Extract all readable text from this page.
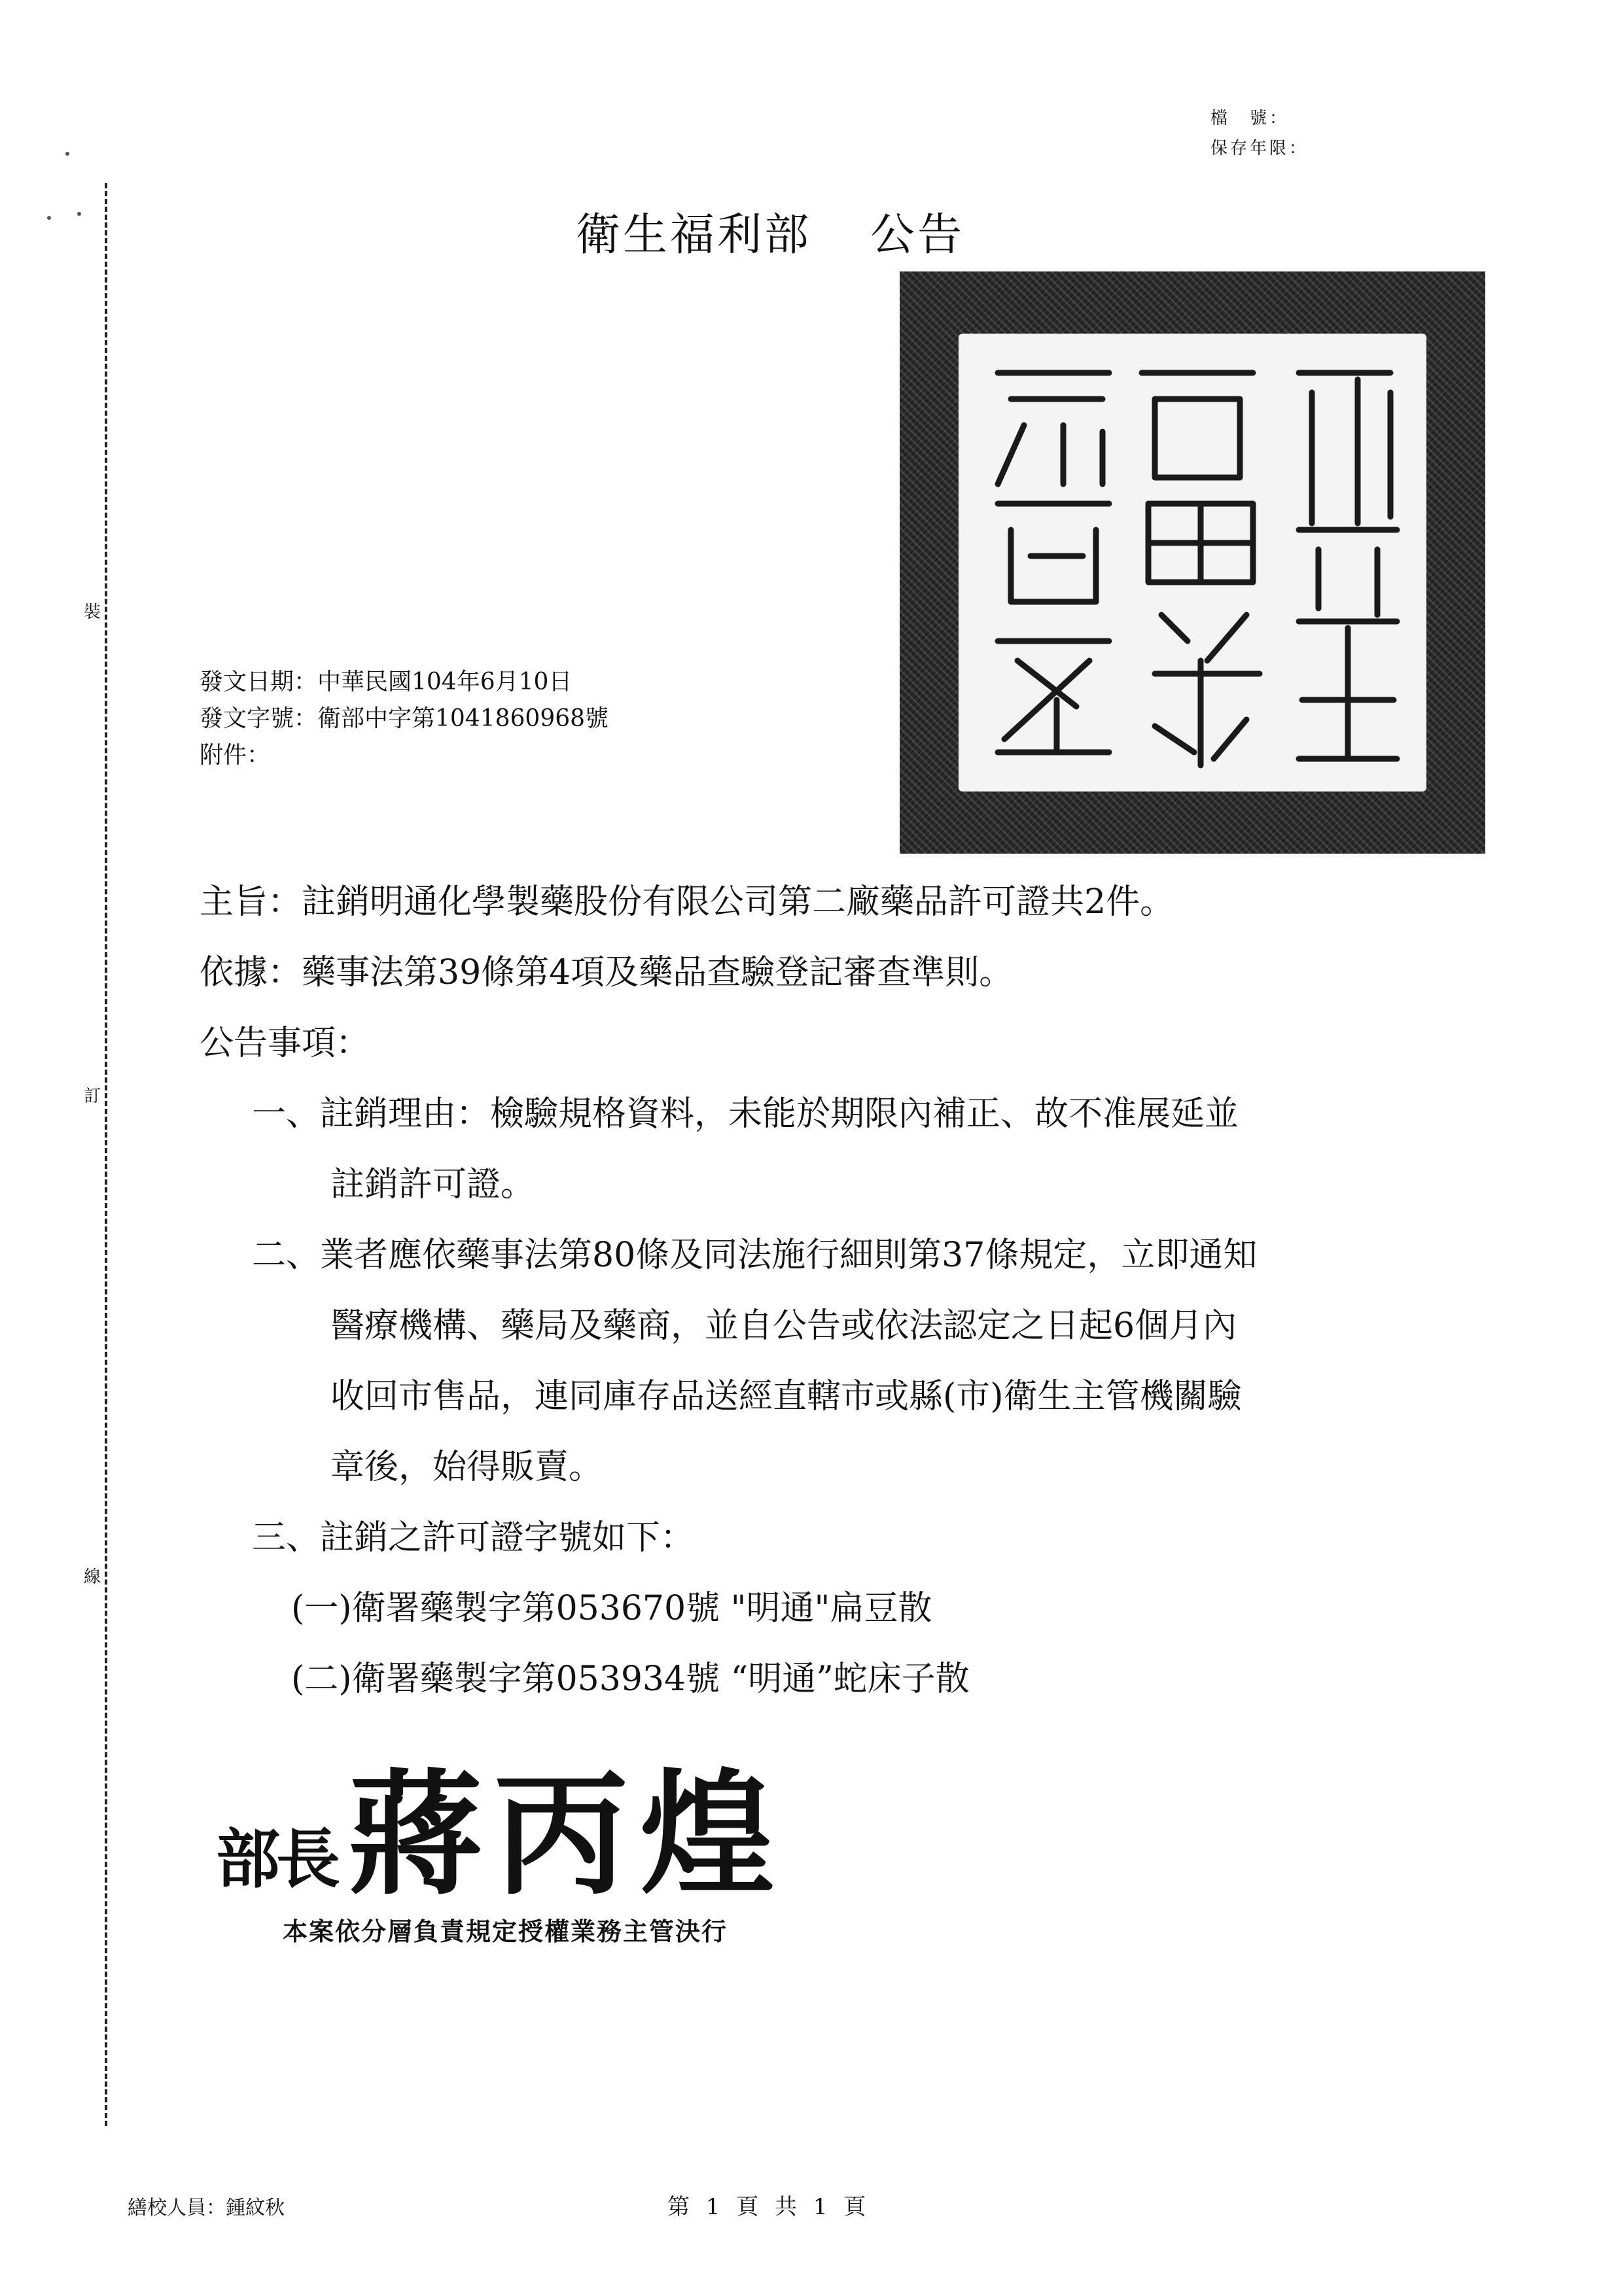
檔　號：
保存年限：
裝
訂
線
衛生福利部 公告
發文日期：中華民國104年6月10日
發文字號：衛部中字第1041860968號
附件：
主旨：註銷明通化學製藥股份有限公司第二廠藥品許可證共2件。
依據：藥事法第39條第4項及藥品查驗登記審查準則。
公告事項：
一、註銷理由：檢驗規格資料，未能於期限內補正、故不准展延並
註銷許可證。
二、業者應依藥事法第80條及同法施行細則第37條規定，立即通知
醫療機構、藥局及藥商，並自公告或依法認定之日起6個月內
收回市售品，連同庫存品送經直轄市或縣(市)衛生主管機關驗
章後，始得販賣。
三、註銷之許可證字號如下：
(一)衛署藥製字第053670號 "明通"扁豆散
(二)衛署藥製字第053934號 “明通”蛇床子散
部長蔣丙煌
本案依分層負責規定授權業務主管決行
繕校人員：鍾紋秋	第 1 頁 共 1 頁
